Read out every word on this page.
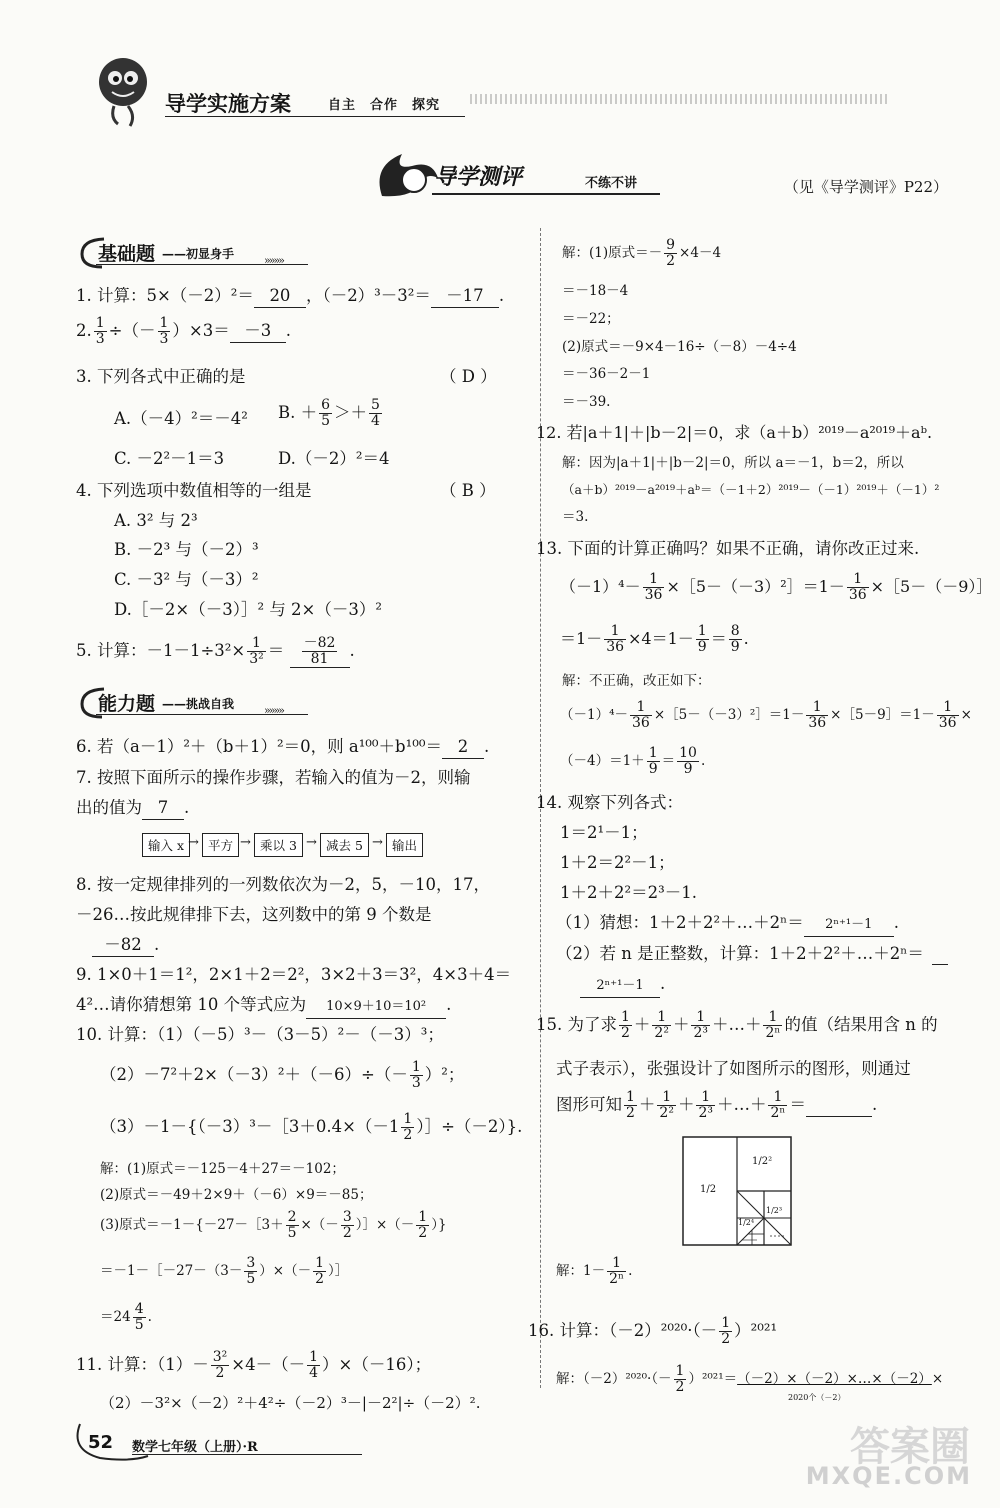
导学实施方案	自主　合作　探究
导学测评	不练不讲	（见《导学测评》P22）
基础题 ——初显身手	»»»»
1. 计算：5×（－2）²＝ 20 ，（－2）³－3²＝ －17 .
2. $\frac{1}{3}$ ÷（－ $\frac{1}{3} )\times 3= -3$ .
3. 下列各式中正确的是	（ D ）
A.（－4）²＝－4² B. ＋ $\frac{6}{5} >+ \frac{5}{4}$
C. －2²－1＝3	D.（－2）²＝4
4. 下列选项中数值相等的一组是	（ B ）
A. 3² 与 2³
B. －2³ 与（－2）³
C. －3² 与（－3）²
D.［－2×（－3）］² 与 2×（－3）²
5. 计算：$-1-1\div 3^2\times \frac{1}{\text{3²}} = \frac{-82}{81}$ .
能力题 ——挑战自我	»»»»
6. 若（a－1）²＋（b＋1）²＝0，则 a¹⁰⁰＋b¹⁰⁰＝ 2 .
7. 按照下面所示的操作步骤，若输入的值为－2，则输
出的值为 7 .
输入 x → 平方 → 乘以 3 → 减去 5 → 输出
8. 按一定规律排列的一列数依次为－2，5，－10，17，
－26…按此规律排下去，这列数中的第 9 个数是
－82 .
9. 1×0＋1＝1²，2×1＋2＝2²，3×2＋3＝3²，4×3＋4＝
4²…请你猜想第 10 个等式应为 10×9＋10＝10² .
10. 计算：（1）（－5）³－（3－5）²－（－3）³；
$(2)-7^2+2\times(-3)^2+(-6)\div(- \frac{1}{3} )^2$；
（3）－1－{（－3）³－［3＋0.4×（－1 $\frac{1}{2}$ ）］÷（－2）}.
解：(1)原式＝－125－4＋27＝－102；
(2)原式＝－49＋2×9＋（－6）×9＝－85；
(3)原式＝－1－{－27－［3＋ $\frac{2}{5}$ ×（－ $\frac{3}{2}$ ）］×（－ $\frac{1}{2}$ ）}
＝－1－［－27－（3－ $\frac{3}{5}$ ）×（－ $\frac{1}{2}$ ）］
$=24 \frac{4}{5}$ .
11. 计算：$(1)- \frac{\text{3²}}{2} \times 4-(- \frac{1}{4} )\times(-16)$；
（2）－3²×（－2）²＋4²÷（－2）³－|－2²|÷（－2）².
解：(1)原式＝－ $\frac{9}{2} \times 4-4$
＝－18－4
＝－22；
(2)原式＝－9×4－16÷（－8）－4÷4
＝－36－2－1
＝－39.
12. 若|a＋1|＋|b－2|＝0，求（a＋b）²⁰¹⁹－a²⁰¹⁹＋aᵇ.
解：因为|a＋1|＋|b－2|＝0，所以 a＝－1，b＝2，所以
（a＋b）²⁰¹⁹－a²⁰¹⁹＋aᵇ＝（－1＋2）²⁰¹⁹－（－1）²⁰¹⁹＋（－1）²
＝3.
13. 下面的计算正确吗？如果不正确，请你改正过来.
$(-1)^4- \frac{1}{36}$ ×［5－（－3）²］＝1－ $\frac{1}{36}$ ×［5－（－9）］
$=1- \frac{1}{36} \times 4=1- \frac{1}{9} = \frac{8}{9}$ .
解：不正确，改正如下：
$(-1)^4- \frac{1}{36}$ ×［5－（－3）²］＝1－ $\frac{1}{36}$ ×［5－9］＝1－ $\frac{1}{36}$ ×
$(-4)=1+ \frac{1}{9} = \frac{10}{9}$ .
14. 观察下列各式：
1＝2¹－1；
1＋2＝2²－1；
1＋2＋2²＝2³－1.
（1）猜想：1＋2＋2²＋…＋2ⁿ＝ 2ⁿ⁺¹－1 .
（2）若 n 是正整数，计算：1＋2＋2²＋…＋2ⁿ＝
2ⁿ⁺¹－1 .
15. 为了求 $\frac{1}{2} + \frac{1}{\text{2²}} + \frac{1}{\text{2³}}$ ＋…＋ $\frac{1}{\text{2ⁿ}}$ 的值（结果用含 n 的
式子表示），张强设计了如图所示的图形，则通过
图形可知 $\frac{1}{2} + \frac{1}{\text{2²}} + \frac{1}{\text{2³}}$ ＋…＋ $\frac{1}{\text{2ⁿ}}$ ＝	.
1/2
1/2²
1/2⁴
1/2³
解：$1- \frac{1}{\text{2ⁿ}}$ .
16. 计算：$(-2)^{2020}\cdot(- \frac{1}{2} )^{2021}$
解：$(-2)^{2020}\cdot(- \frac{1}{2}$ ）²⁰²¹＝（－2）×（－2）×…×（－2）×
2020个（－2）
52 数学七年级（上册）·R	答案圈
MXQE.COM
